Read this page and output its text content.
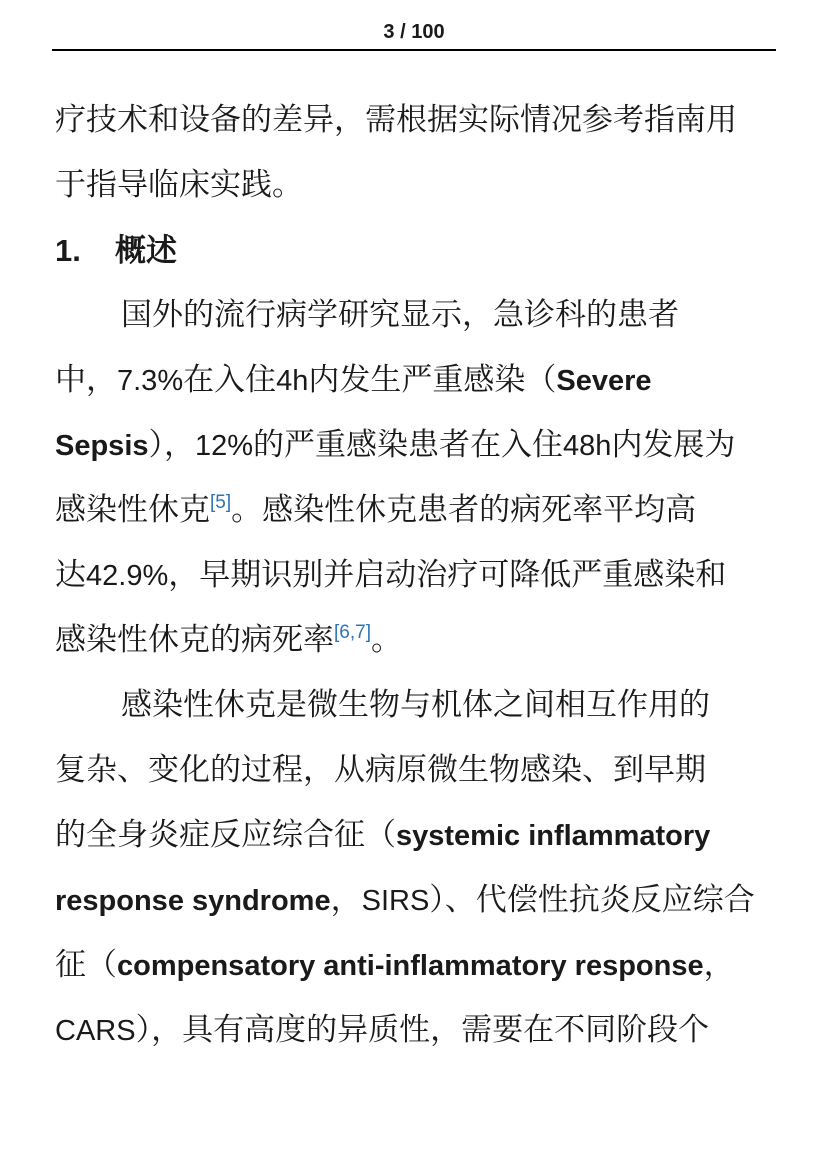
3 / 100
疗技术和设备的差异，需根据实际情况参考指南用
于指导临床实践。
1. 概述
国外的流行病学研究显示，急诊科的患者
中，7.3%在入住4h内发生严重感染（Severe
Sepsis），12%的严重感染患者在入住48h内发展为
感染性休克[5]。感染性休克患者的病死率平均高
达42.9%，早期识别并启动治疗可降低严重感染和
感染性休克的病死率[6,7]。
感染性休克是微生物与机体之间相互作用的
复杂、变化的过程，从病原微生物感染、到早期
的全身炎症反应综合征（systemic inflammatory
response syndrome，SIRS）、代偿性抗炎反应综合
征（compensatory anti-inflammatory response，
CARS），具有高度的异质性，需要在不同阶段个
